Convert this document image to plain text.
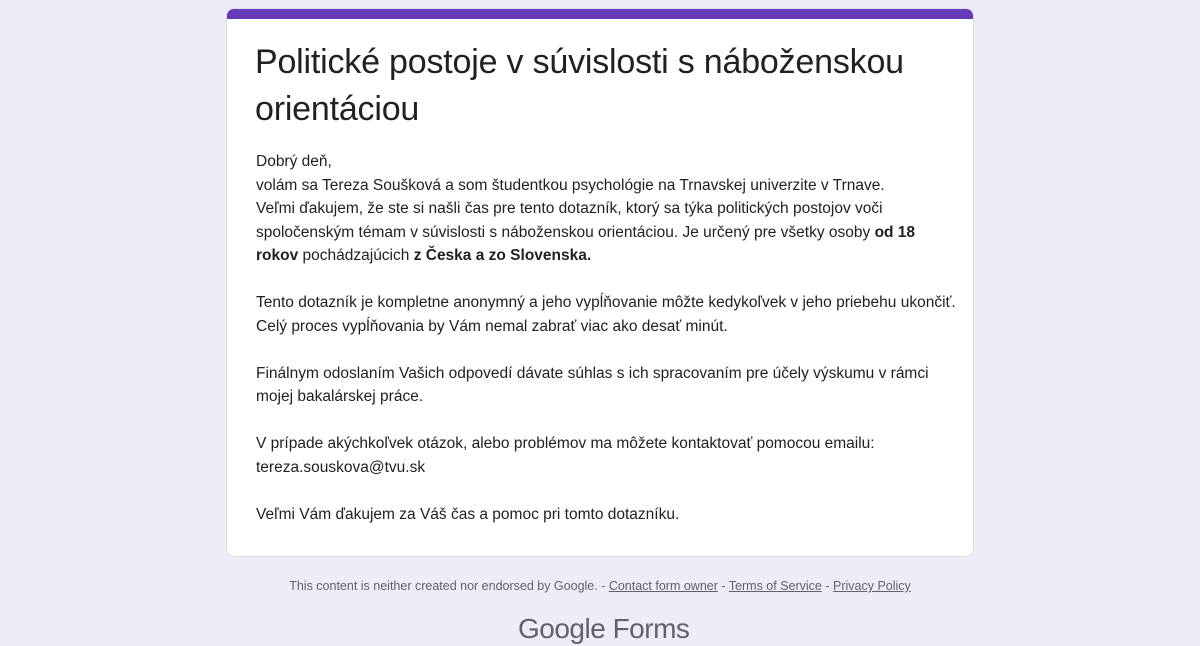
Politické postoje v súvislosti s náboženskou orientáciou

Dobrý deň,
volám sa Tereza Soušková a som študentkou psychológie na Trnavskej univerzite v Trnave.
Veľmi ďakujem, že ste si našli čas pre tento dotazník, ktorý sa týka politických postojov voči spoločenským témam v súvislosti s náboženskou orientáciou. Je určený pre všetky osoby od 18 rokov pochádzajúcich z Česka a zo Slovenska.

Tento dotazník je kompletne anonymný a jeho vypĺňovanie môžte kedykoľvek v jeho priebehu ukončiť. Celý proces vypĺňovania by Vám nemal zabrať viac ako desať minút.

Finálnym odoslaním Vašich odpovedí dávate súhlas s ich spracovaním pre účely výskumu v rámci mojej bakalárskej práce.

V prípade akýchkoľvek otázok, alebo problémov ma môžete kontaktovať pomocou emailu:
tereza.souskova@tvu.sk

Veľmi Vám ďakujem za Váš čas a pomoc pri tomto dotazníku.

This content is neither created nor endorsed by Google. - Contact form owner - Terms of Service - Privacy Policy
Google Forms
